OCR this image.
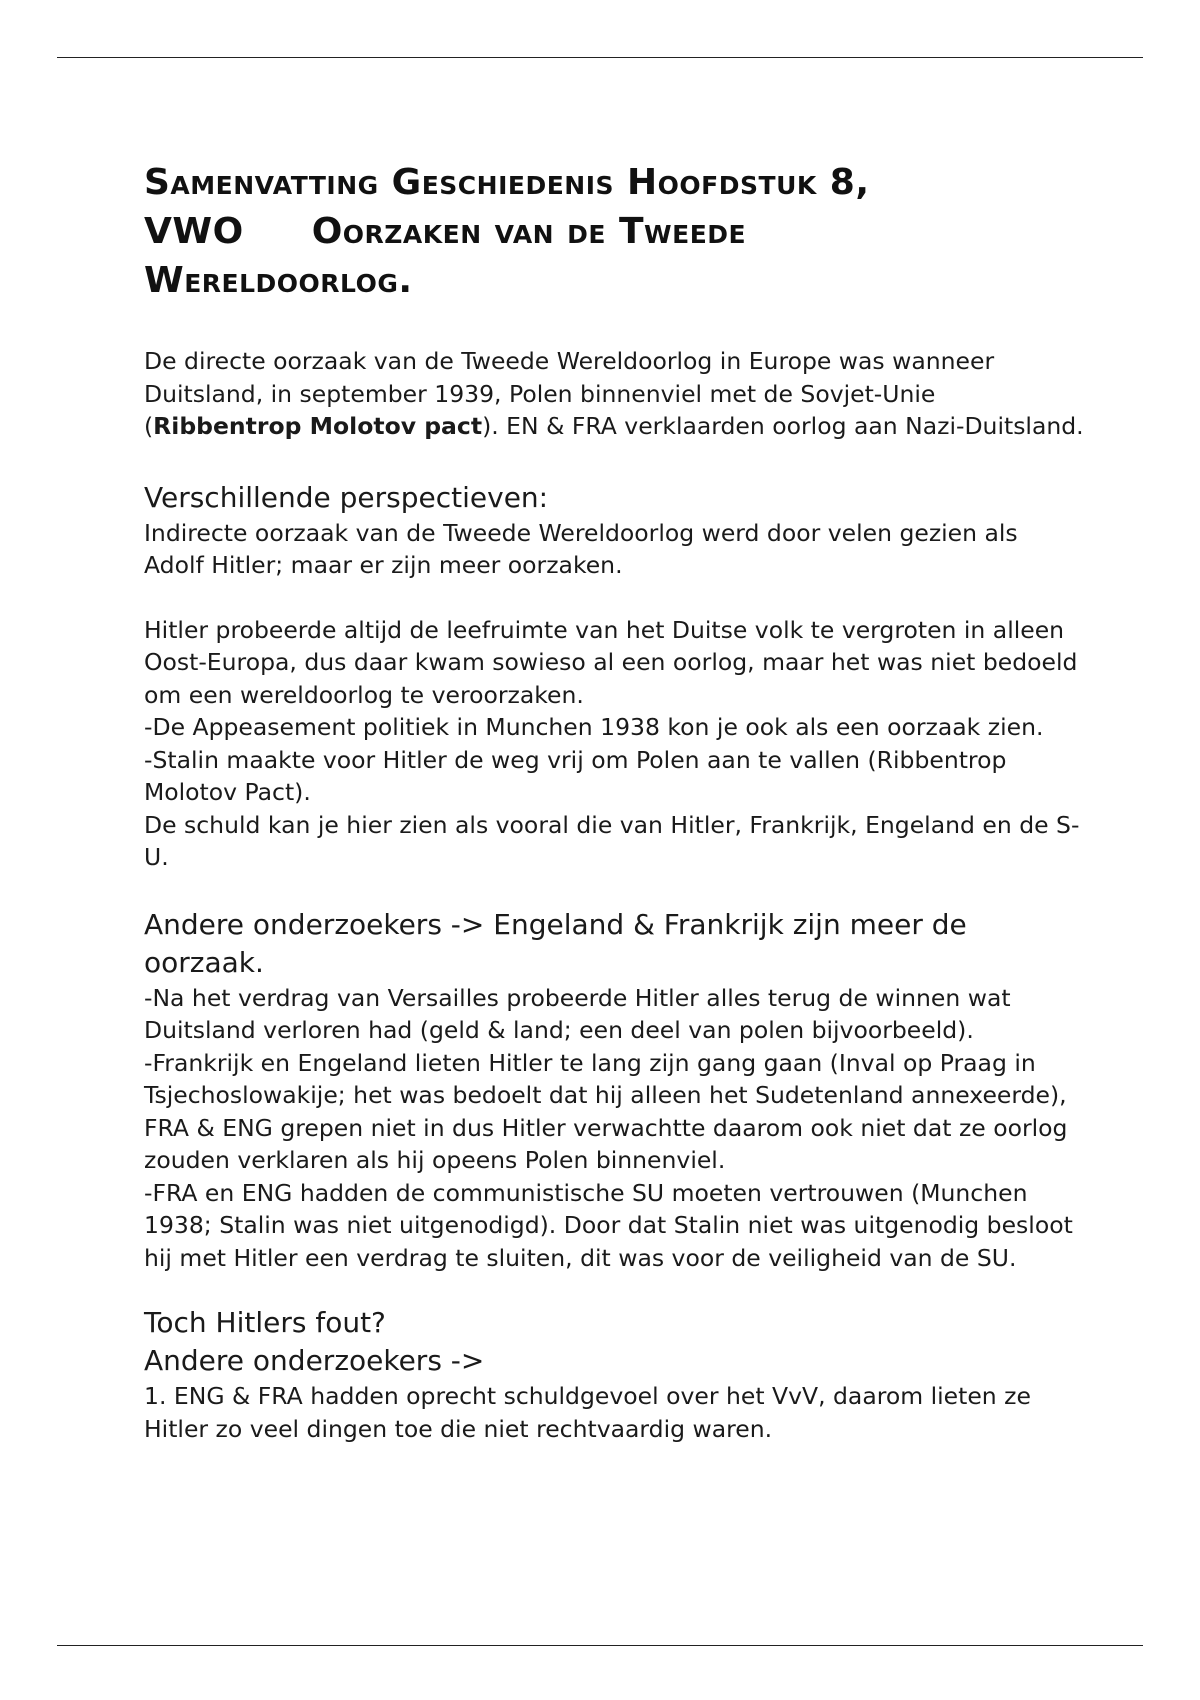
Samenvatting Geschiedenis Hoofdstuk 8,
VWO Oorzaken van de Tweede
Wereldoorlog.

De directe oorzaak van de Tweede Wereldoorlog in Europe was wanneer Duitsland, in september 1939, Polen binnenviel met de Sovjet-Unie (Ribbentrop Molotov pact). EN & FRA verklaarden oorlog aan Nazi-Duitsland.

Verschillende perspectieven:

Indirecte oorzaak van de Tweede Wereldoorlog werd door velen gezien als Adolf Hitler; maar er zijn meer oorzaken.

Hitler probeerde altijd de leefruimte van het Duitse volk te vergroten in alleen Oost-Europa, dus daar kwam sowieso al een oorlog, maar het was niet bedoeld om een wereldoorlog te veroorzaken.

-De Appeasement politiek in Munchen 1938 kon je ook als een oorzaak zien.

-Stalin maakte voor Hitler de weg vrij om Polen aan te vallen (Ribbentrop Molotov Pact).

De schuld kan je hier zien als vooral die van Hitler, Frankrijk, Engeland en de S-U.

Andere onderzoekers -> Engeland & Frankrijk zijn meer de oorzaak.

-Na het verdrag van Versailles probeerde Hitler alles terug de winnen wat Duitsland verloren had (geld & land; een deel van polen bijvoorbeeld).

-Frankrijk en Engeland lieten Hitler te lang zijn gang gaan (Inval op Praag in Tsjechoslowakije; het was bedoelt dat hij alleen het Sudetenland annexeerde), FRA & ENG grepen niet in dus Hitler verwachtte daarom ook niet dat ze oorlog zouden verklaren als hij opeens Polen binnenviel.

-FRA en ENG hadden de communistische SU moeten vertrouwen (Munchen 1938; Stalin was niet uitgenodigd). Door dat Stalin niet was uitgenodig besloot hij met Hitler een verdrag te sluiten, dit was voor de veiligheid van de SU.

Toch Hitlers fout?

Andere onderzoekers ->

1. ENG & FRA hadden oprecht schuldgevoel over het VvV, daarom lieten ze Hitler zo veel dingen toe die niet rechtvaardig waren.
